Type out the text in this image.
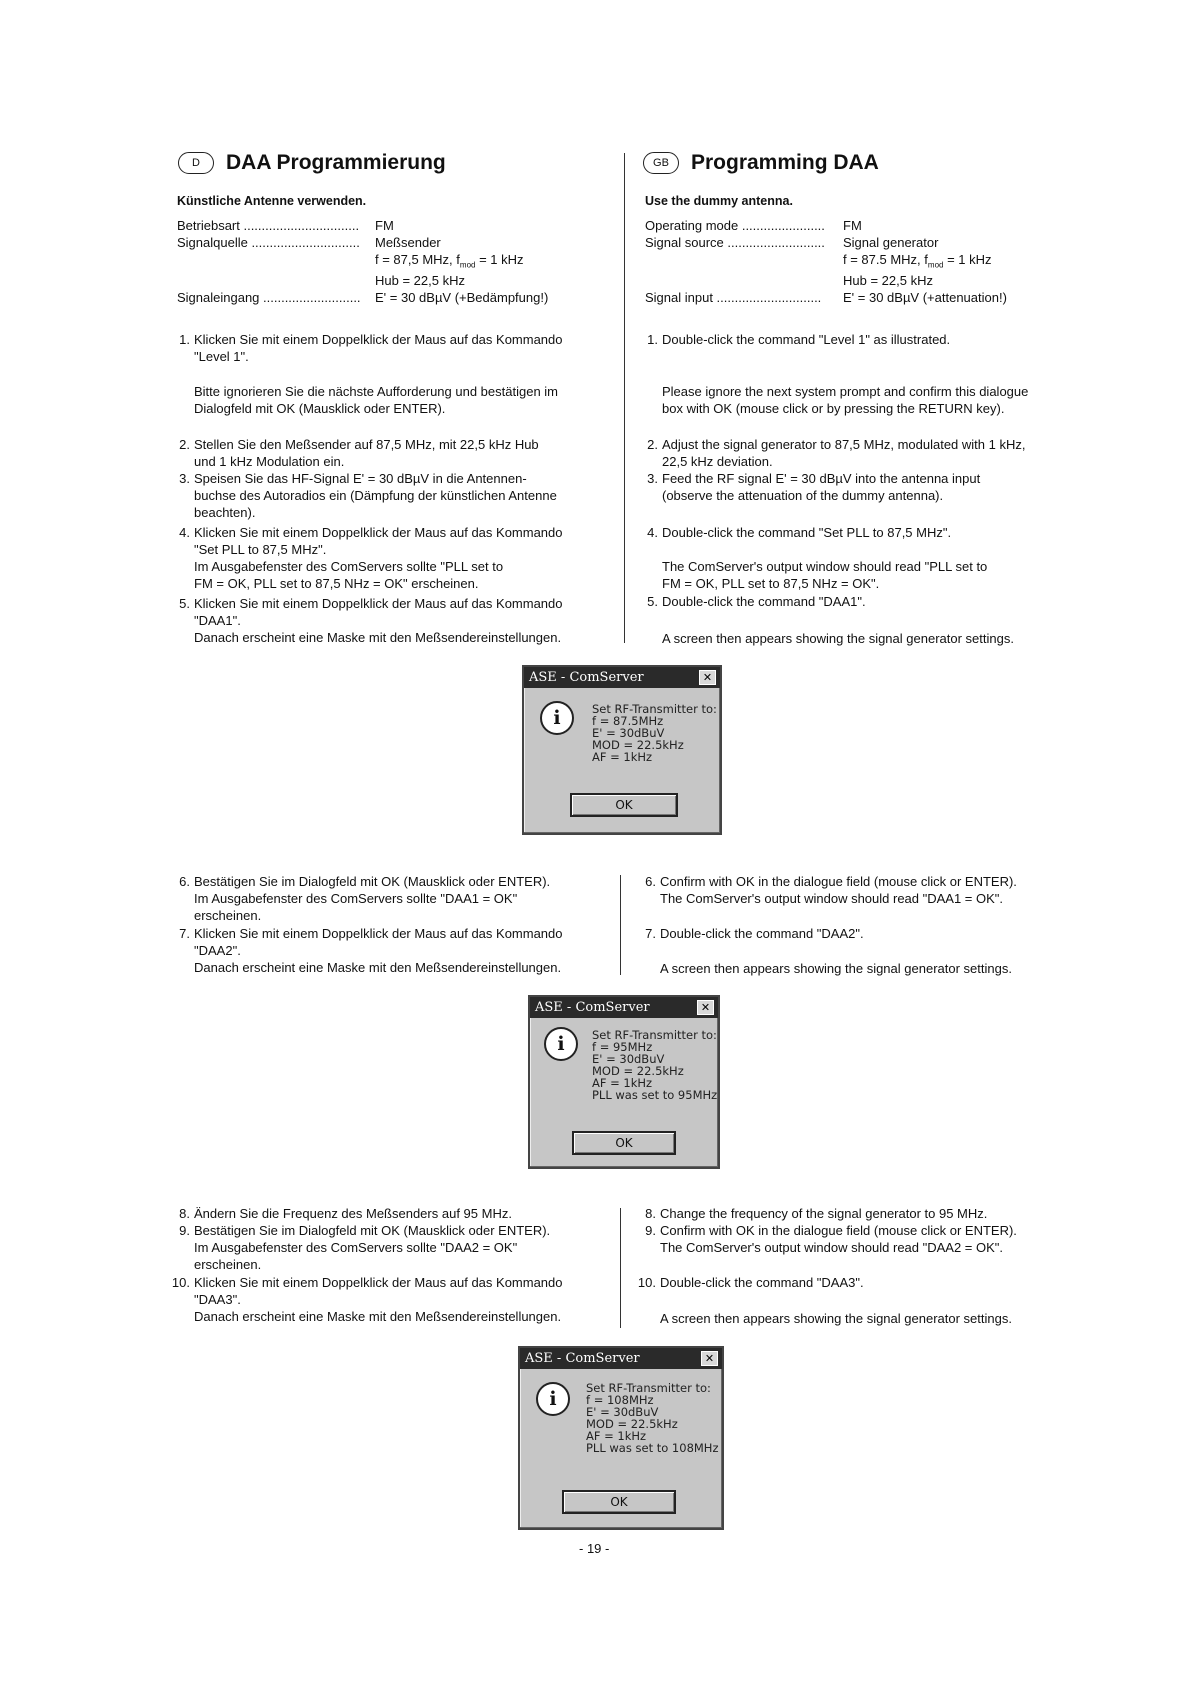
D DAA Programmierung
Künstliche Antenne verwenden.
Betriebsart ................................ FM
Signalquelle .............................. Meßsender
f = 87,5 MHz, $f_{mod} = 1$ kHz
Hub = 22,5 kHz
Signaleingang ........................... E' = 30 dBµV (+Bedämpfung!)
GB Programming DAA
Use the dummy antenna.
Operating mode ....................... FM
Signal source ........................... Signal generator
f = 87.5 MHz, $f_{mod} = 1$ kHz
Hub = 22,5 kHz
Signal input ............................. E' = 30 dBµV (+attenuation!)
1. Klicken Sie mit einem Doppelklick der Maus auf das Kommando

"Level 1".

Bitte ignorieren Sie die nächste Aufforderung und bestätigen im

Dialogfeld mit OK (Mausklick oder ENTER).

2. Stellen Sie den Meßsender auf 87,5 MHz, mit 22,5 kHz Hub

und 1 kHz Modulation ein.

3. Speisen Sie das HF-Signal E' = 30 dBµV in die Antennen-

buchse des Autoradios ein (Dämpfung der künstlichen Antenne

beachten).

4. Klicken Sie mit einem Doppelklick der Maus auf das Kommando

"Set PLL to 87,5 MHz".

Im Ausgabefenster des ComServers sollte "PLL set to

FM = OK, PLL set to 87,5 NHz = OK" erscheinen.

5. Klicken Sie mit einem Doppelklick der Maus auf das Kommando

"DAA1".

Danach erscheint eine Maske mit den Meßsendereinstellungen.

6. Bestätigen Sie im Dialogfeld mit OK (Mausklick oder ENTER).

Im Ausgabefenster des ComServers sollte "DAA1 = OK"

erscheinen.

7. Klicken Sie mit einem Doppelklick der Maus auf das Kommando

"DAA2".

Danach erscheint eine Maske mit den Meßsendereinstellungen.

8. Ändern Sie die Frequenz des Meßsenders auf 95 MHz.

9. Bestätigen Sie im Dialogfeld mit OK (Mausklick oder ENTER).

Im Ausgabefenster des ComServers sollte "DAA2 = OK"

erscheinen.

10. Klicken Sie mit einem Doppelklick der Maus auf das Kommando

"DAA3".

Danach erscheint eine Maske mit den Meßsendereinstellungen.

1. Double-click the command "Level 1" as illustrated.

Please ignore the next system prompt and confirm this dialogue

box with OK (mouse click or by pressing the RETURN key).

2. Adjust the signal generator to 87,5 MHz, modulated with 1 kHz,

22,5 kHz deviation.

3. Feed the RF signal E' = 30 dBµV into the antenna input

(observe the attenuation of the dummy antenna).

4. Double-click the command "Set PLL to 87,5 MHz".

The ComServer's output window should read "PLL set to

FM = OK, PLL set to 87,5 NHz = OK".

5. Double-click the command "DAA1".

A screen then appears showing the signal generator settings.

6. Confirm with OK in the dialogue field (mouse click or ENTER).

The ComServer's output window should read "DAA1 = OK".

7. Double-click the command "DAA2".

A screen then appears showing the signal generator settings.

8. Change the frequency of the signal generator to 95 MHz.

9. Confirm with OK in the dialogue field (mouse click or ENTER).

The ComServer's output window should read "DAA2 = OK".

10. Double-click the command "DAA3".

A screen then appears showing the signal generator settings.

ASE - ComServer	✕
i	Set RF-Transmitter to:
f = 87.5MHz
E' = 30dBuV
MOD = 22.5kHz
AF = 1kHz
OK
ASE - ComServer	✕
i	Set RF-Transmitter to:
f = 95MHz
E' = 30dBuV
MOD = 22.5kHz
AF = 1kHz
PLL was set to 95MHz
OK
ASE - ComServer	✕
i	Set RF-Transmitter to:
f = 108MHz
E' = 30dBuV
MOD = 22.5kHz
AF = 1kHz
PLL was set to 108MHz
OK
- 19 -
